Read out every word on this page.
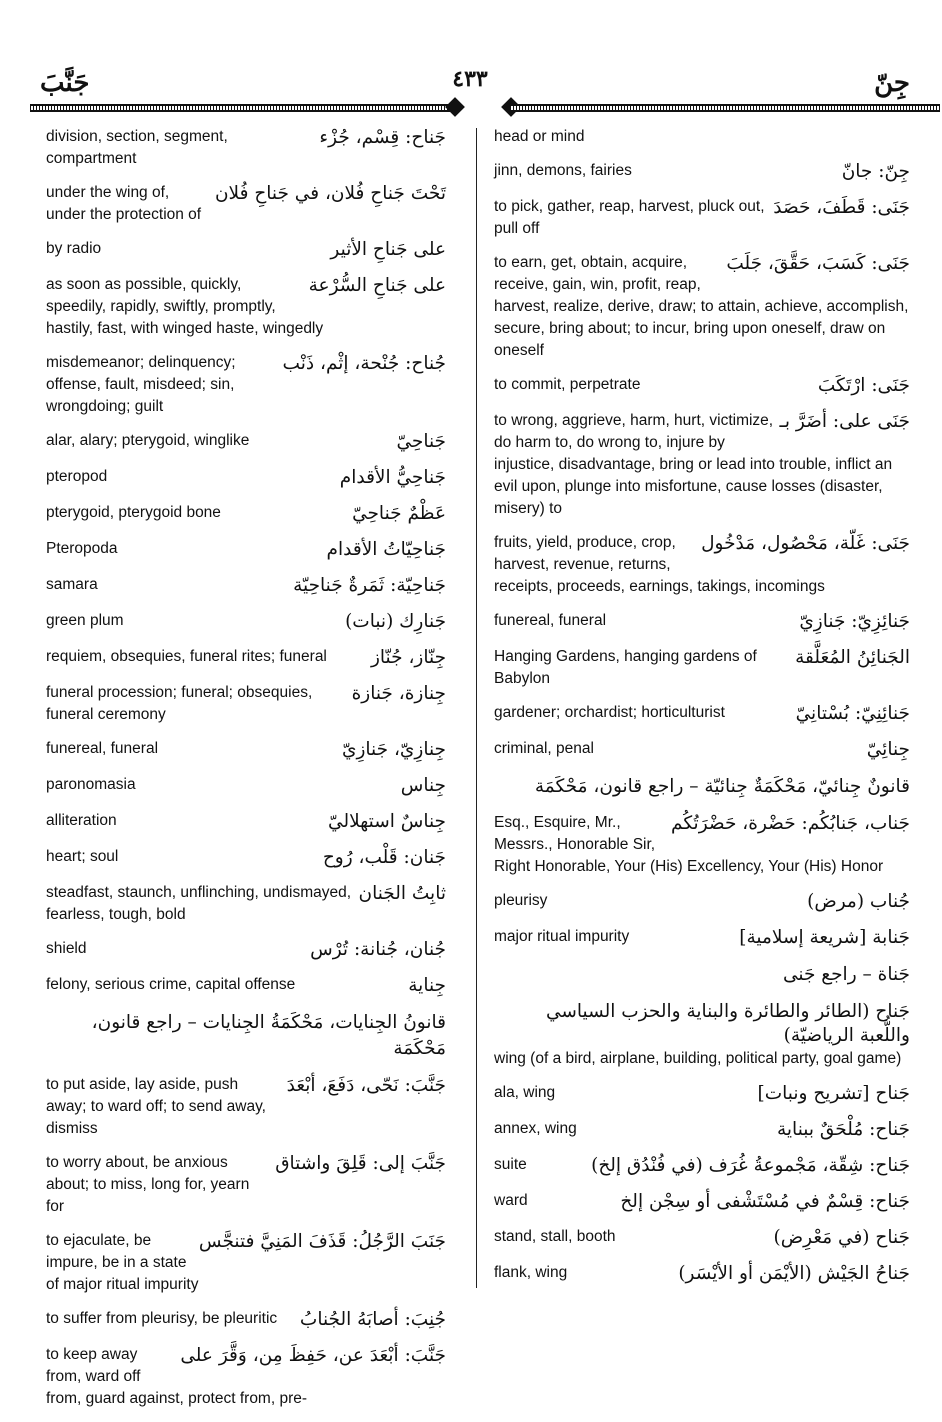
جَنَّبَ	٤٣٣	جِنّ
جَناح: قِسْم، جُزْء
division, section, segment, compartment
تَحْتَ جَناحِ فُلان، في جَناحِ فُلان
under the wing of, under the protection of
على جَناحِ الأثير
by radio
على جَناحِ السُّرْعة
as soon as possible, quickly, speedily, rapidly, swiftly, promptly, hastily, fast, with winged haste, wingedly
جُناح: جُنْحة، إثْم، ذَنْب
misdemeanor; delinquency; offense, fault, misdeed; sin, wrongdoing; guilt
جَناحِيّ
alar, alary; pterygoid, winglike
جَناحِيُّ الأقدام
pteropod
عَظْمٌ جَناحِيّ
pterygoid, pterygoid bone
جَناحِيّاتُ الأقدام
Pteropoda
جَناحِيّة: ثَمَرةٌ جَناحِيّة
samara
جَنارِك (نبات)
green plum
جِنّاز، جُنّاز
requiem, obsequies, funeral rites; funeral
جِنازة، جَنازة
funeral procession; funeral; obsequies, funeral ceremony
جِنازِيّ، جَنازِيّ
funereal, funeral
جِناس
paronomasia
جِناسٌ استهلاليّ
alliteration
جَنان: قَلْب، رُوح
heart; soul
ثابِتُ الجَنان
steadfast, staunch, unflinching, undismayed, fearless, tough, bold
جُنان، جُنانة: تُرْس
shield
جِناية
felony, serious crime, capital offense
قانونُ الجِنايات، مَحْكَمَةُ الجِنايات – راجع قانون، مَحْكَمَة
جَنَّبَ: نَحّى، دَفَعَ، أبْعَدَ
to put aside, lay aside, push away; to ward off; to send away, dismiss
جَنَّبَ إلى: قَلِقَ واشتاق
to worry about, be anxious about; to miss, long for, yearn for
جَنَبَ الرَّجُلُ: قَذَفَ المَنِيَّ فتنجَّس
to ejaculate, be impure, be in a state of major ritual impurity
جُنِبَ: أصابَهُ الجُنابُ
to suffer from pleurisy, be pleuritic
جَنَّبَ: أبْعَدَ عن، حَفِظَ مِن، وَقَّرَ على
to keep away from, ward off from, guard against, protect from, pre-
head or mind
جِنّ: جانّ
jinn, demons, fairies
جَنَى: قَطَفَ، حَصَدَ
to pick, gather, reap, harvest, pluck out, pull off
جَنَى: كَسَبَ، حَقَّقَ، جَلَبَ
to earn, get, obtain, acquire, receive, gain, win, profit, reap, harvest, realize, derive, draw; to attain, achieve, accomplish, secure, bring about; to incur, bring upon oneself, draw on oneself
جَنَى: ارْتَكَبَ
to commit, perpetrate
جَنَى على: أضَرَّ بـ
to wrong, aggrieve, harm, hurt, victimize, do harm to, do wrong to, injure by injustice, disadvantage, bring or lead into trouble, inflict an evil upon, plunge into misfortune, cause losses (disaster, misery) to
جَنَى: غَلّة، مَحْصُول، مَدْخُول
fruits, yield, produce, crop, harvest, revenue, returns, receipts, proceeds, earnings, takings, incomings
جَنائِزِيّ: جَنازِيّ
funereal, funeral
الجَنائِنُ المُعَلَّقة
Hanging Gardens, hanging gardens of Babylon
جَنائِنِيّ: بُسْتانِيّ
gardener; orchardist; horticulturist
جِنائِيّ
criminal, penal
قانونٌ جِنائيّ، مَحْكَمَةٌ جِنائيّة – راجع قانون، مَحْكَمَة
جَناب، جَنابُكُم: حَضْرة، حَضْرَتُكُم
Esq., Esquire, Mr., Messrs., Honorable Sir, Right Honorable, Your (His) Excellency, Your (His) Honor
جُناب (مرض)
pleurisy
جَنابة [شريعة إسلامية]
major ritual impurity
جَناة – راجع جَنى
جَناح (الطائر والطائرة والبناية والحزب السياسي واللُّعبة الرياضيّة)
wing (of a bird, airplane, building, political party, goal game)
جَناح [تشريح ونبات]
ala, wing
جَناح: مُلْحَقٌ ببناية
annex, wing
جَناح: شِقّة، مَجْموعةُ غُرَف (في فُنْدُق إلخ)
suite
جَناح: قِسْمٌ في مُسْتَشْفى أو سِجْن إلخ
ward
جَناح (في مَعْرِض)
stand, stall, booth
جَناحُ الجَيْش (الأيْمَن أو الأيْسَر)
flank, wing
